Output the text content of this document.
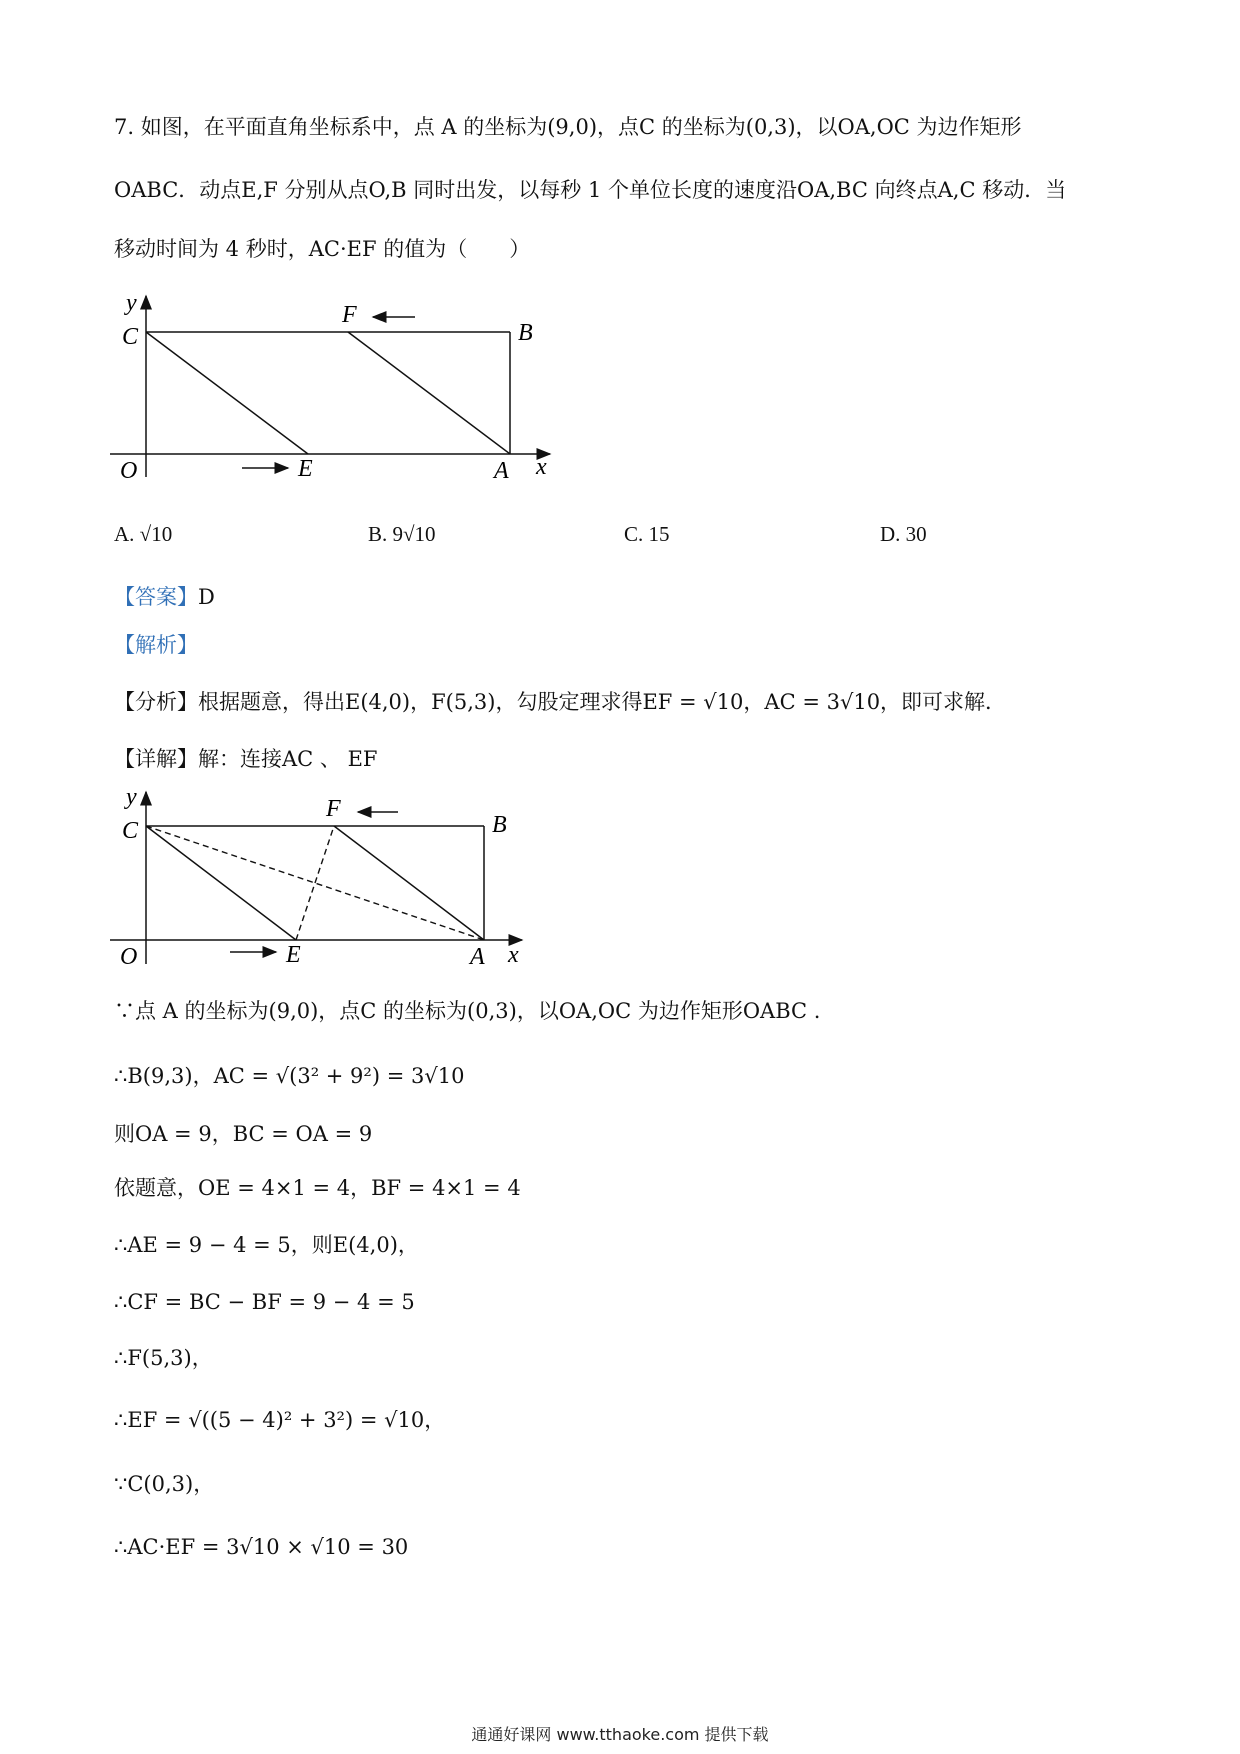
7. 如图，在平面直角坐标系中，点 A 的坐标为(9,0)，点C 的坐标为(0,3)，以OA,OC 为边作矩形
OABC．动点E,F 分别从点O,B 同时出发，以每秒 1 个单位长度的速度沿OA,BC 向终点A,C 移动．当
移动时间为 4 秒时，AC·EF 的值为（　　）
y
C
F
B
O	E	A x
A. √10	B. 9√10	C. 15	D. 30
【答案】D
【解析】
【分析】根据题意，得出E(4,0)，F(5,3)，勾股定理求得EF = √10，AC = 3√10，即可求解．
【详解】解：连接AC 、 EF
y
C
F
B
O	E	A x
∵点 A 的坐标为(9,0)，点C 的坐标为(0,3)，以OA,OC 为边作矩形OABC .
∴B(9,3)，AC = √(3² + 9²) = 3√10
则OA = 9，BC = OA = 9
依题意，OE = 4×1 = 4，BF = 4×1 = 4
∴AE = 9 − 4 = 5，则E(4,0)，
∴CF = BC − BF = 9 − 4 = 5
∴F(5,3)，
∴EF = √((5 − 4)² + 3²) = √10，
∵C(0,3)，
∴AC·EF = 3√10 × √10 = 30
通通好课网 www.tthaoke.com 提供下载
